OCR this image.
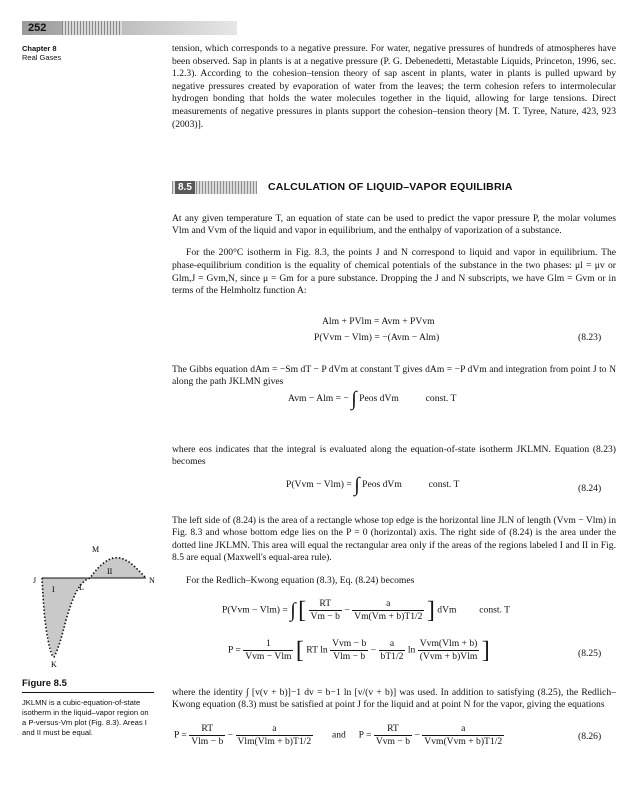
252
Chapter 8
Real Gases

tension, which corresponds to a negative pressure. For water, negative pressures of hundreds of atmospheres have been observed. Sap in plants is at a negative pressure (P. G. Debenedetti, Metastable Liquids, Princeton, 1996, sec. 1.2.3). According to the cohesion–tension theory of sap ascent in plants, water in plants is pulled upward by negative pressures created by evaporation of water from the leaves; the term cohesion refers to intermolecular hydrogen bonding that holds the water molecules together in the liquid, allowing for large tensions. Direct measurements of negative pressures in plants support the cohesion–tension theory [M. T. Tyree, Nature, 423, 923 (2003)].

8.5	CALCULATION OF LIQUID–VAPOR EQUILIBRIA

At any given temperature T, an equation of state can be used to predict the vapor pressure P, the molar volumes Vlm and Vvm of the liquid and vapor in equilibrium, and the enthalpy of vaporization of a substance.

For the 200°C isotherm in Fig. 8.3, the points J and N correspond to liquid and vapor in equilibrium. The phase-equilibrium condition is the equality of chemical potentials of the substance in the two phases: μl = μv or Glm,J = Gvm,N, since μ = Gm for a pure substance. Dropping the J and N subscripts, we have Glm = Gvm or in terms of the Helmholtz function A:

Alm + PVlm = Avm + PVvm
P(Vvm − Vlm) = −(Avm − Alm)	(8.23)

The Gibbs equation dAm = −Sm dT − P dVm at constant T gives dAm = −P dVm and integration from point J to N along the path JKLMN gives

Avm − Alm = − ∫ Peos dVm	const. T

where eos indicates that the integral is evaluated along the equation-of-state isotherm JKLMN. Equation (8.23) becomes

P(Vvm − Vlm) = ∫ Peos dVm	const. T	(8.24)

The left side of (8.24) is the area of a rectangle whose top edge is the horizontal line JLN of length (Vvm − Vlm) in Fig. 8.3 and whose bottom edge lies on the P = 0 (horizontal) axis. The right side of (8.24) is the area under the dotted line JKLMN. This area will equal the rectangular area only if the areas of the regions labeled I and II in Fig. 8.5 are equal (Maxwell's equal-area rule).

For the Redlich–Kwong equation (8.3), Eq. (8.24) becomes

P(Vvm − Vlm) = ∫ [ $\frac{RT}{Vm - b} - \frac{a}{Vm(Vm + b)T1/2}$ ] dVm const. T
$P = \frac{1}{\text{Vvm − Vlm}}$ [ RT $\ln \frac{\text{Vvm − b}}{\text{Vlm − b}} - \frac{a}{bT1/2}$ $\ln \frac{\text{Vvm(Vlm + b)}}{\text{(Vvm + b)Vlm}}$ ]	(8.25)

where the identity ∫ [v(v + b)]−1 dv = b−1 ln [v/(v + b)] was used. In addition to satisfying (8.25), the Redlich–Kwong equation (8.3) must be satisfied at point J for the liquid and at point N for the vapor, giving the equations

$P = \frac{RT}{\text{Vlm − b}} - \frac{a}{\text{Vlm(Vlm + b)T1/2}}$ and $P = \frac{RT}{\text{Vvm − b}} - \frac{a}{\text{Vvm(Vvm + b)T1/2}}$	(8.26)
J
K
L
M
N
I
II
Figure 8.5
JKLMN is a cubic-equation-of-state isotherm in the liquid–vapor region on a P-versus-Vm plot (Fig. 8.3). Areas I and II must be equal.
